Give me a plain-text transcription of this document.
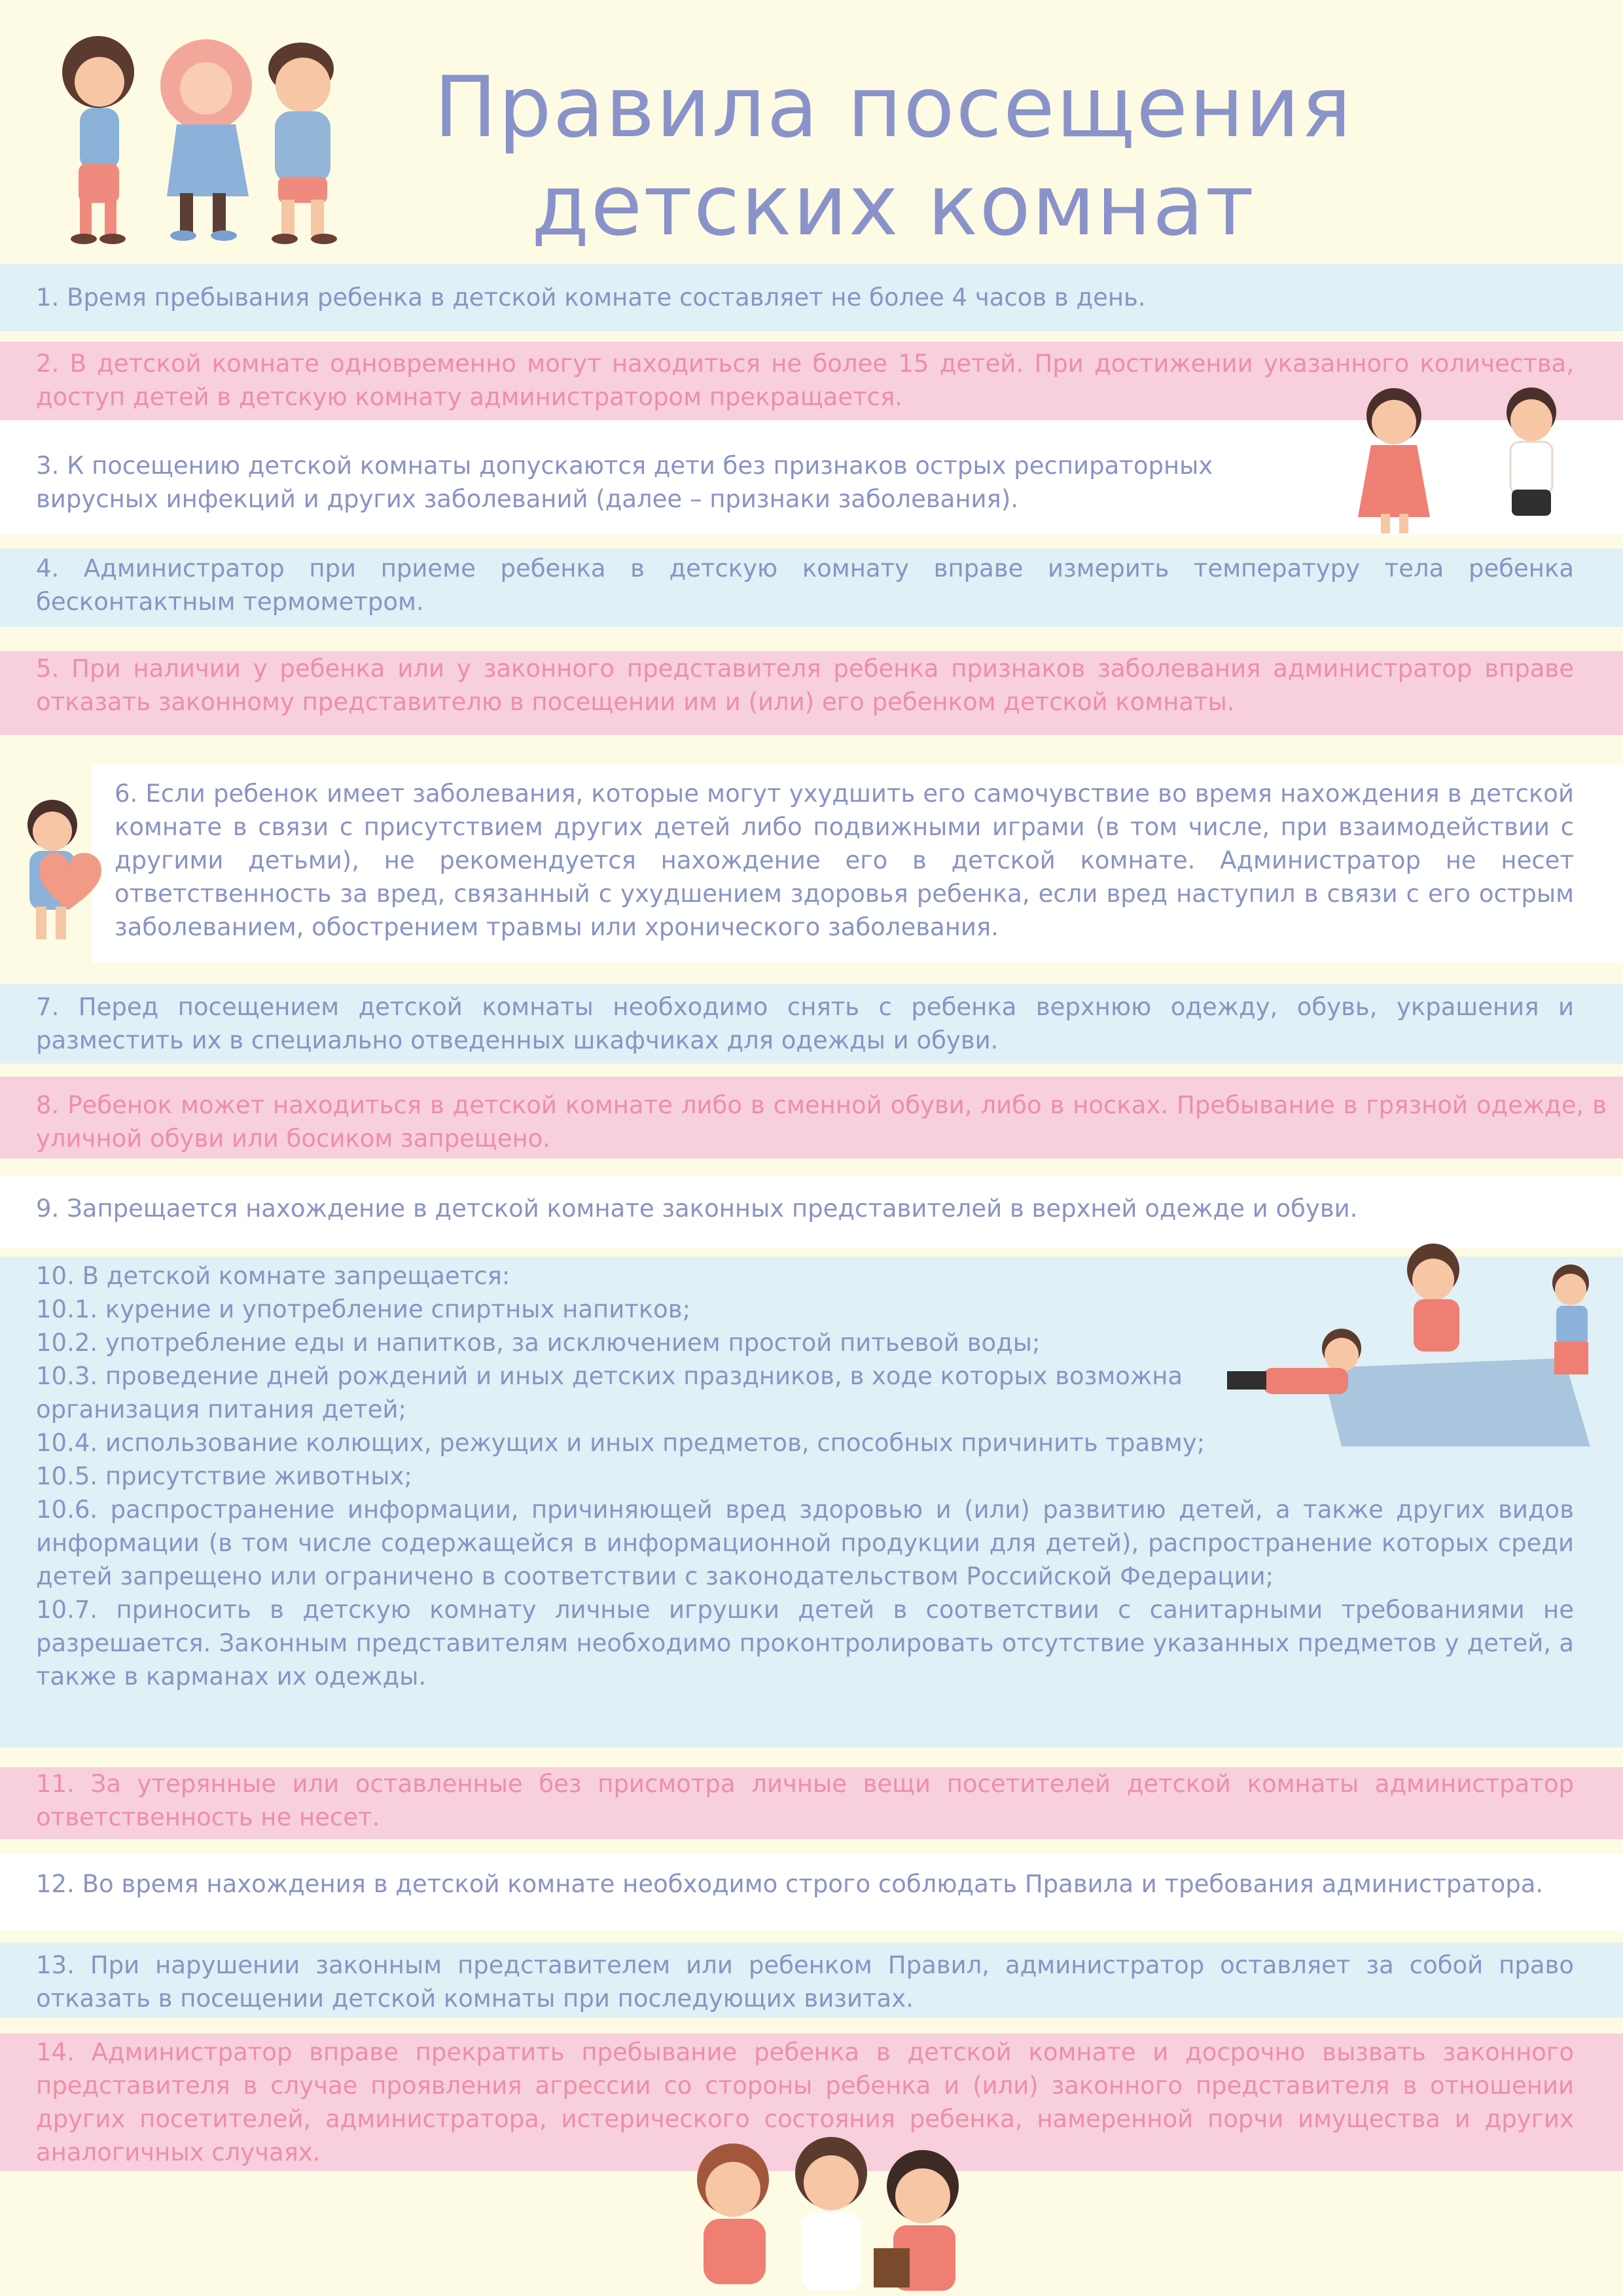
Правила посещения
детских комнат

1. Время пребывания ребенка в детской комнате составляет не более 4 часов в день.

2. В детской комнате одновременно могут находиться не более 15 детей. При достижении указанного количества, доступ детей в детскую комнату администратором прекращается.

3. К посещению детской комнаты допускаются дети без признаков острых респираторных вирусных инфекций и других заболеваний (далее – признаки заболевания).

4. Администратор при приеме ребенка в детскую комнату вправе измерить температуру тела ребенка бесконтактным термометром.

5. При наличии у ребенка или у законного представителя ребенка признаков заболевания администратор вправе отказать законному представителю в посещении им и (или) его ребенком детской комнаты.

6. Если ребенок имеет заболевания, которые могут ухудшить его самочувствие во время нахождения в детской комнате в связи с присутствием других детей либо подвижными играми (в том числе, при взаимодействии с другими детьми), не рекомендуется нахождение его в детской комнате. Администратор не несет ответственность за вред, связанный с ухудшением здоровья ребенка, если вред наступил в связи с его острым заболеванием, обострением травмы или хронического заболевания.

7. Перед посещением детской комнаты необходимо снять с ребенка верхнюю одежду, обувь, украшения и разместить их в специально отведенных шкафчиках для одежды и обуви.

8. Ребенок может находиться в детской комнате либо в сменной обуви, либо в носках. Пребывание в грязной одежде, в уличной обуви или босиком запрещено.

9. Запрещается нахождение в детской комнате законных представителей в верхней одежде и обуви.

10. В детской комнате запрещается:
10.1. курение и употребление спиртных напитков;
10.2. употребление еды и напитков, за исключением простой питьевой воды;
10.3. проведение дней рождений и иных детских праздников, в ходе которых возможна организация питания детей;
10.4. использование колющих, режущих и иных предметов, способных причинить травму;
10.5. присутствие животных;
10.6. распространение информации, причиняющей вред здоровью и (или) развитию детей, а также других видов информации (в том числе содержащейся в информационной продукции для детей), распространение которых среди детей запрещено или ограничено в соответствии с законодательством Российской Федерации;
10.7. приносить в детскую комнату личные игрушки детей в соответствии с санитарными требованиями не разрешается. Законным представителям необходимо проконтролировать отсутствие указанных предметов у детей, а также в карманах их одежды.

11. За утерянные или оставленные без присмотра личные вещи посетителей детской комнаты администратор ответственность не несет.

12. Во время нахождения в детской комнате необходимо строго соблюдать Правила и требования администратора.

13. При нарушении законным представителем или ребенком Правил, администратор оставляет за собой право отказать в посещении детской комнаты при последующих визитах.

14. Администратор вправе прекратить пребывание ребенка в детской комнате и досрочно вызвать законного представителя в случае проявления агрессии со стороны ребенка и (или) законного представителя в отношении других посетителей, администратора, истерического состояния ребенка, намеренной порчи имущества и других аналогичных случаях.
